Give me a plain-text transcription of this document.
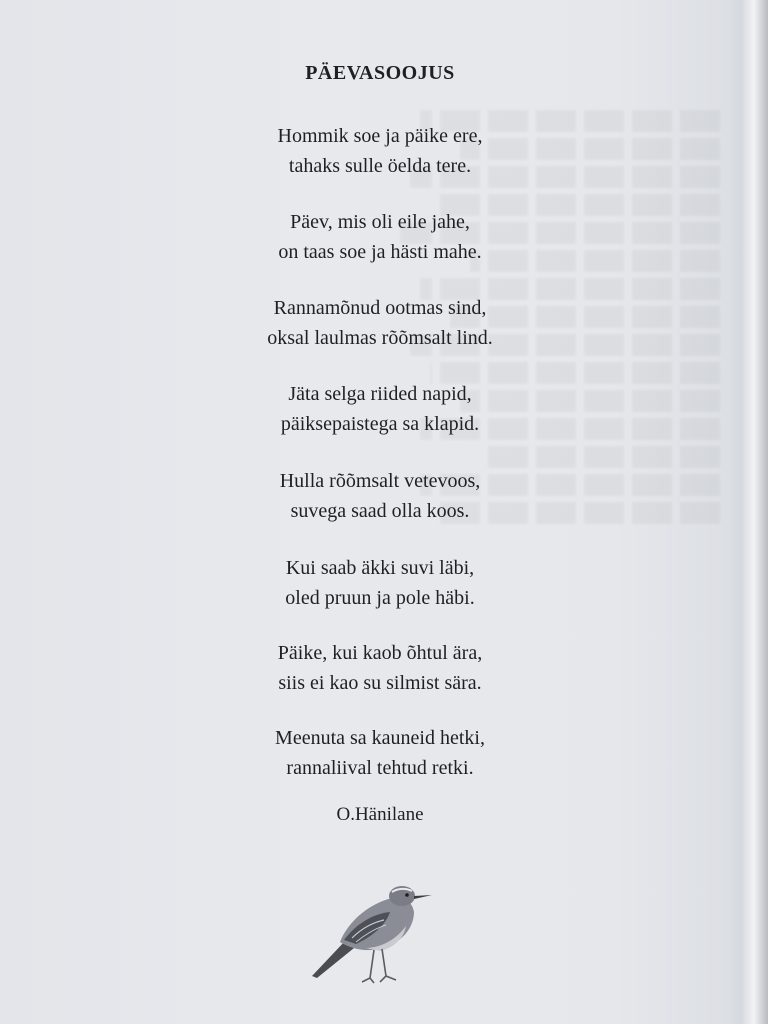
PÄEVASOOJUS
Hommik soe ja päike ere,
tahaks sulle öelda tere.
Päev, mis oli eile jahe,
on taas soe ja hästi mahe.
Rannamõnud ootmas sind,
oksal laulmas rõõmsalt lind.
Jäta selga riided napid,
päiksepaistega sa klapid.
Hulla rõõmsalt vetevoos,
suvega saad olla koos.
Kui saab äkki suvi läbi,
oled pruun ja pole häbi.
Päike, kui kaob õhtul ära,
siis ei kao su silmist sära.
Meenuta sa kauneid hetki,
rannaliival tehtud retki.
O.Hänilane
